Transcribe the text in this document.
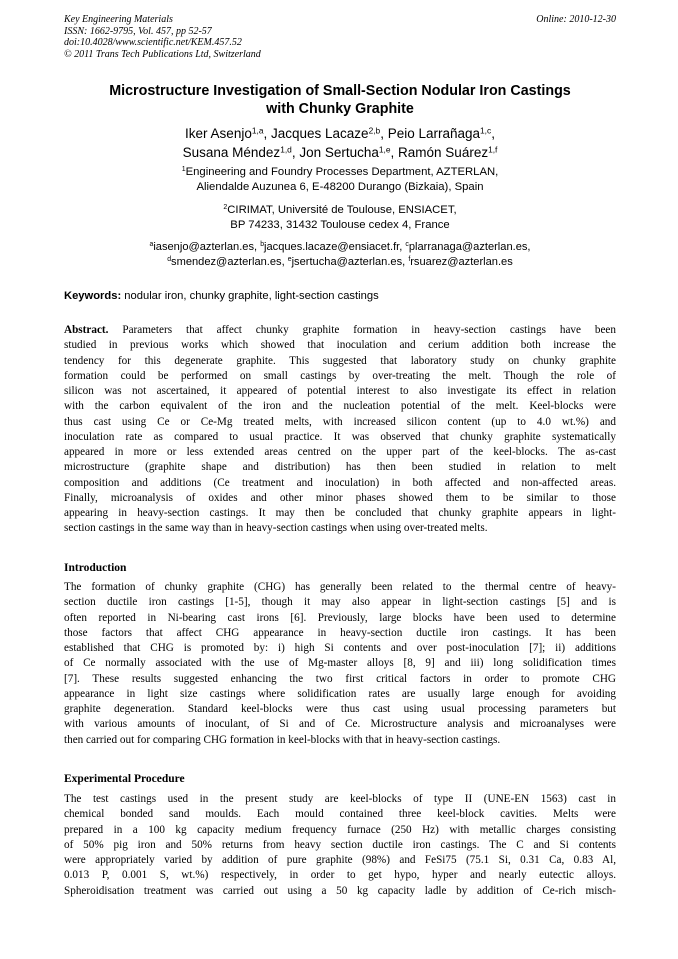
Key Engineering Materials
ISSN: 1662-9795, Vol. 457, pp 52-57
doi:10.4028/www.scientific.net/KEM.457.52
© 2011 Trans Tech Publications Ltd, Switzerland
Online: 2010-12-30
Microstructure Investigation of Small-Section Nodular Iron Castings
with Chunky Graphite
Iker Asenjo$^{1,a}$, Jacques Lacaze$^{2,b}$, Peio Larrañaga$^{1,c}$,
Susana Méndez$^{1,d}$, Jon Sertucha$^{1,e}$, Ramón Suárez$^{1,f}$
$^1$Engineering and Foundry Processes Department, AZTERLAN,
Aliendalde Auzunea 6, E-48200 Durango (Bizkaia), Spain
$^2$CIRIMAT, Université de Toulouse, ENSIACET,
BP 74233, 31432 Toulouse cedex 4, France
$^a$iasenjo@azterlan.es, $^b$jacques.lacaze@ensiacet.fr, $^c$plarranaga@azterlan.es,
$^d$smendez@azterlan.es, $^e$jsertucha@azterlan.es, $^f$rsuarez@azterlan.es
Keywords: nodular iron, chunky graphite, light-section castings
Abstract. Parameters that affect chunky graphite formation in heavy-section castings have been
studied in previous works which showed that inoculation and cerium addition both increase the
tendency for this degenerate graphite. This suggested that laboratory study on chunky graphite
formation could be performed on small castings by over-treating the melt. Though the role of
silicon was not ascertained, it appeared of potential interest to also investigate its effect in relation
with the carbon equivalent of the iron and the nucleation potential of the melt. Keel-blocks were
thus cast using Ce or Ce-Mg treated melts, with increased silicon content (up to 4.0 wt.%) and
inoculation rate as compared to usual practice. It was observed that chunky graphite systematically
appeared in more or less extended areas centred on the upper part of the keel-blocks. The as-cast
microstructure (graphite shape and distribution) has then been studied in relation to melt
composition and additions (Ce treatment and inoculation) in both affected and non-affected areas.
Finally, microanalysis of oxides and other minor phases showed them to be similar to those
appearing in heavy-section castings. It may then be concluded that chunky graphite appears in light-
section castings in the same way than in heavy-section castings when using over-treated melts.
Introduction
The formation of chunky graphite (CHG) has generally been related to the thermal centre of heavy-
section ductile iron castings [1-5], though it may also appear in light-section castings [5] and is
often reported in Ni-bearing cast irons [6]. Previously, large blocks have been used to determine
those factors that affect CHG appearance in heavy-section ductile iron castings. It has been
established that CHG is promoted by: i) high Si contents and over post-inoculation [7]; ii) additions
of Ce normally associated with the use of Mg-master alloys [8, 9] and iii) long solidification times
[7]. These results suggested enhancing the two first critical factors in order to promote CHG
appearance in light size castings where solidification rates are usually large enough for avoiding
graphite degeneration. Standard keel-blocks were thus cast using usual processing parameters but
with various amounts of inoculant, of Si and of Ce. Microstructure analysis and microanalyses were
then carried out for comparing CHG formation in keel-blocks with that in heavy-section castings.
Experimental Procedure
The test castings used in the present study are keel-blocks of type II (UNE-EN 1563) cast in
chemical bonded sand moulds. Each mould contained three keel-block cavities. Melts were
prepared in a 100 kg capacity medium frequency furnace (250 Hz) with metallic charges consisting
of 50% pig iron and 50% returns from heavy section ductile iron castings. The C and Si contents
were appropriately varied by addition of pure graphite (98%) and FeSi75 (75.1 Si, 0.31 Ca, 0.83 Al,
0.013 P, 0.001 S, wt.%) respectively, in order to get hypo, hyper and nearly eutectic alloys.
Spheroidisation treatment was carried out using a 50 kg capacity ladle by addition of Ce-rich misch-
